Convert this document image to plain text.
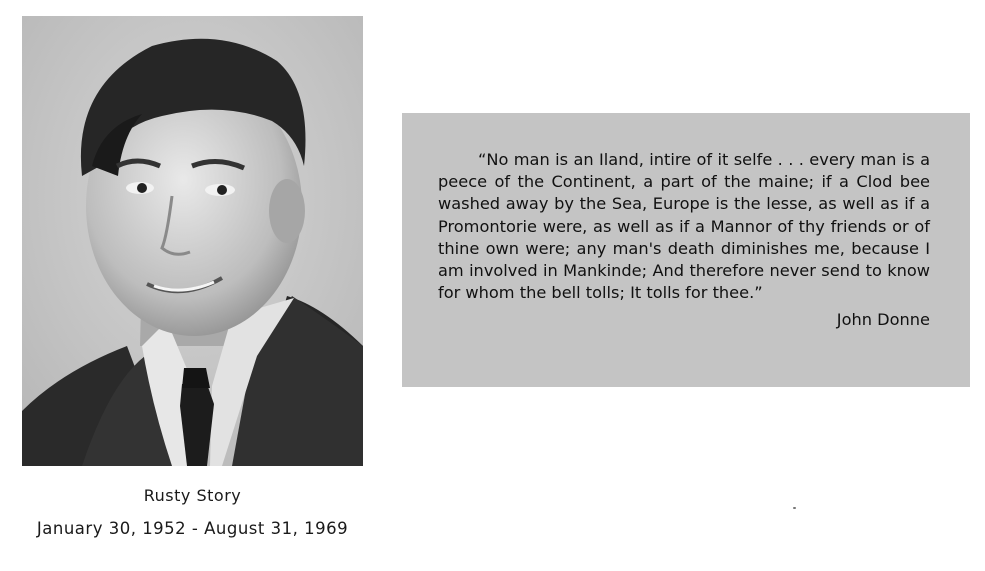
Rusty Story
January 30, 1952 - August 31, 1969

“No man is an Iland, intire of it selfe . . . every man is a peece of the Continent, a part of the maine; if a Clod bee washed away by the Sea, Europe is the lesse, as well as if a Promontorie were, as well as if a Mannor of thy friends or of thine own were; any man's death diminishes me, because I am involved in Mankinde; And therefore never send to know for whom the bell tolls; It tolls for thee.”

John Donne
